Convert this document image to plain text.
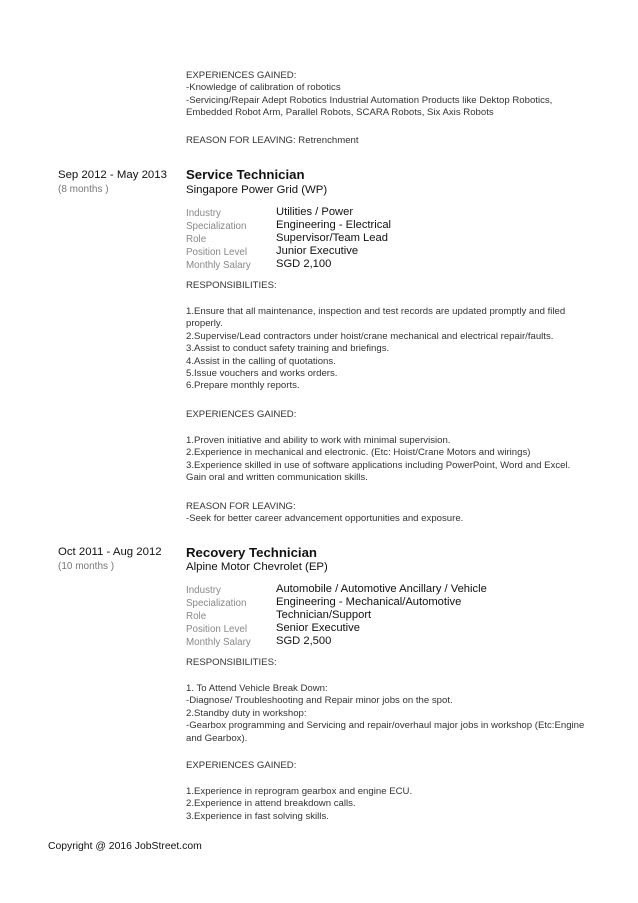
EXPERIENCES GAINED:
-Knowledge of calibration of robotics
-Servicing/Repair Adept Robotics Industrial Automation Products like Dektop Robotics,
Embedded Robot Arm, Parallel Robots, SCARA Robots, Six Axis Robots
REASON FOR LEAVING: Retrenchment
Sep 2012 - May 2013
(8 months )
Service Technician
Singapore Power Grid (WP)
Industry
Specialization
Role
Position Level
Monthly Salary
Utilities / Power
Engineering - Electrical
Supervisor/Team Lead
Junior Executive
SGD 2,100
RESPONSIBILITIES:
1.Ensure that all maintenance, inspection and test records are updated promptly and filed
properly.
2.Supervise/Lead contractors under hoist/crane mechanical and electrical repair/faults.
3.Assist to conduct safety training and briefings.
4.Assist in the calling of quotations.
5.Issue vouchers and works orders.
6.Prepare monthly reports.
EXPERIENCES GAINED:
1.Proven initiative and ability to work with minimal supervision.
2.Experience in mechanical and electronic. (Etc: Hoist/Crane Motors and wirings)
3.Experience skilled in use of software applications including PowerPoint, Word and Excel.
Gain oral and written communication skills.
REASON FOR LEAVING:
-Seek for better career advancement opportunities and exposure.
Oct 2011 - Aug 2012
(10 months )
Recovery Technician
Alpine Motor Chevrolet (EP)
Industry
Specialization
Role
Position Level
Monthly Salary
Automobile / Automotive Ancillary / Vehicle
Engineering - Mechanical/Automotive
Technician/Support
Senior Executive
SGD 2,500
RESPONSIBILITIES:
1. To Attend Vehicle Break Down:
-Diagnose/ Troubleshooting and Repair minor jobs on the spot.
2.Standby duty in workshop:
-Gearbox programming and Servicing and repair/overhaul major jobs in workshop (Etc:Engine
and Gearbox).
EXPERIENCES GAINED:
1.Experience in reprogram gearbox and engine ECU.
2.Experience in attend breakdown calls.
3.Experience in fast solving skills.
Copyright @ 2016 JobStreet.com
